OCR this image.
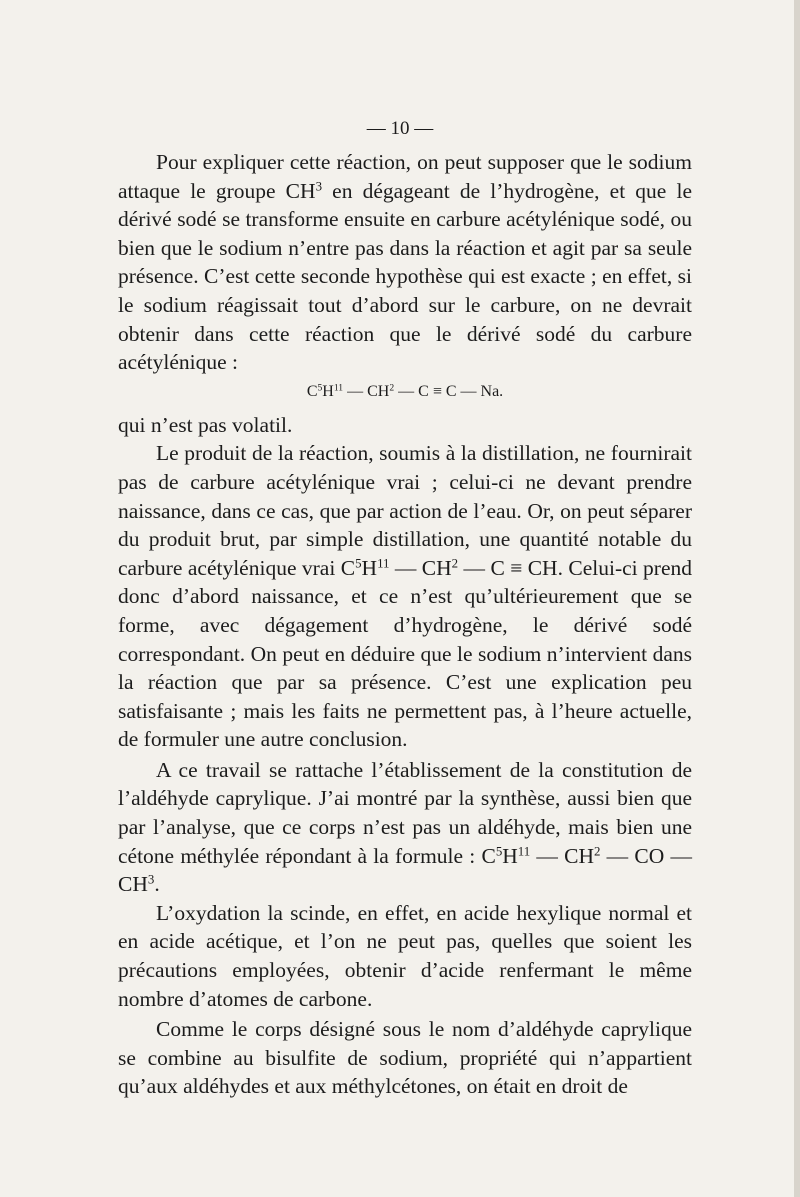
— 10 —

Pour expliquer cette réaction, on peut supposer que le sodium attaque le groupe $CH^3$ en dégageant de l’hydrogène, et que le dérivé sodé se transforme ensuite en carbure acétylénique sodé, ou bien que le sodium n’entre pas dans la réaction et agit par sa seule présence. C’est cette seconde hypothèse qui est exacte ; en effet, si le sodium réagissait tout d’abord sur le carbure, on ne devrait obtenir dans cette réaction que le dérivé sodé du carbure acétylénique :

$C^5H^{11}$ — $CH^2$ — C ≡ C — Na.

qui n’est pas volatil.

Le produit de la réaction, soumis à la distillation, ne fournirait pas de carbure acétylénique vrai ; celui-ci ne devant prendre naissance, dans ce cas, que par action de l’eau. Or, on peut séparer du produit brut, par simple distillation, une quantité notable du carbure acétylénique vrai $C^5H^{11}$ — $CH^2$ — C ≡ CH. Celui-ci prend donc d’abord naissance, et ce n’est qu’ultérieurement que se forme, avec dégagement d’hydrogène, le dérivé sodé correspondant. On peut en déduire que le sodium n’intervient dans la réaction que par sa présence. C’est une explication peu satisfaisante ; mais les faits ne permettent pas, à l’heure actuelle, de formuler une autre conclusion.

A ce travail se rattache l’établissement de la constitution de l’aldéhyde caprylique. J’ai montré par la synthèse, aussi bien que par l’analyse, que ce corps n’est pas un aldéhyde, mais bien une cétone méthylée répondant à la formule : $C^5H^{11}$ — $CH^2$ — CO — $CH^3$.

L’oxydation la scinde, en effet, en acide hexylique normal et en acide acétique, et l’on ne peut pas, quelles que soient les précautions employées, obtenir d’acide renfermant le même nombre d’atomes de carbone.

Comme le corps désigné sous le nom d’aldéhyde caprylique se combine au bisulfite de sodium, propriété qui n’appartient qu’aux aldéhydes et aux méthylcétones, on était en droit de
